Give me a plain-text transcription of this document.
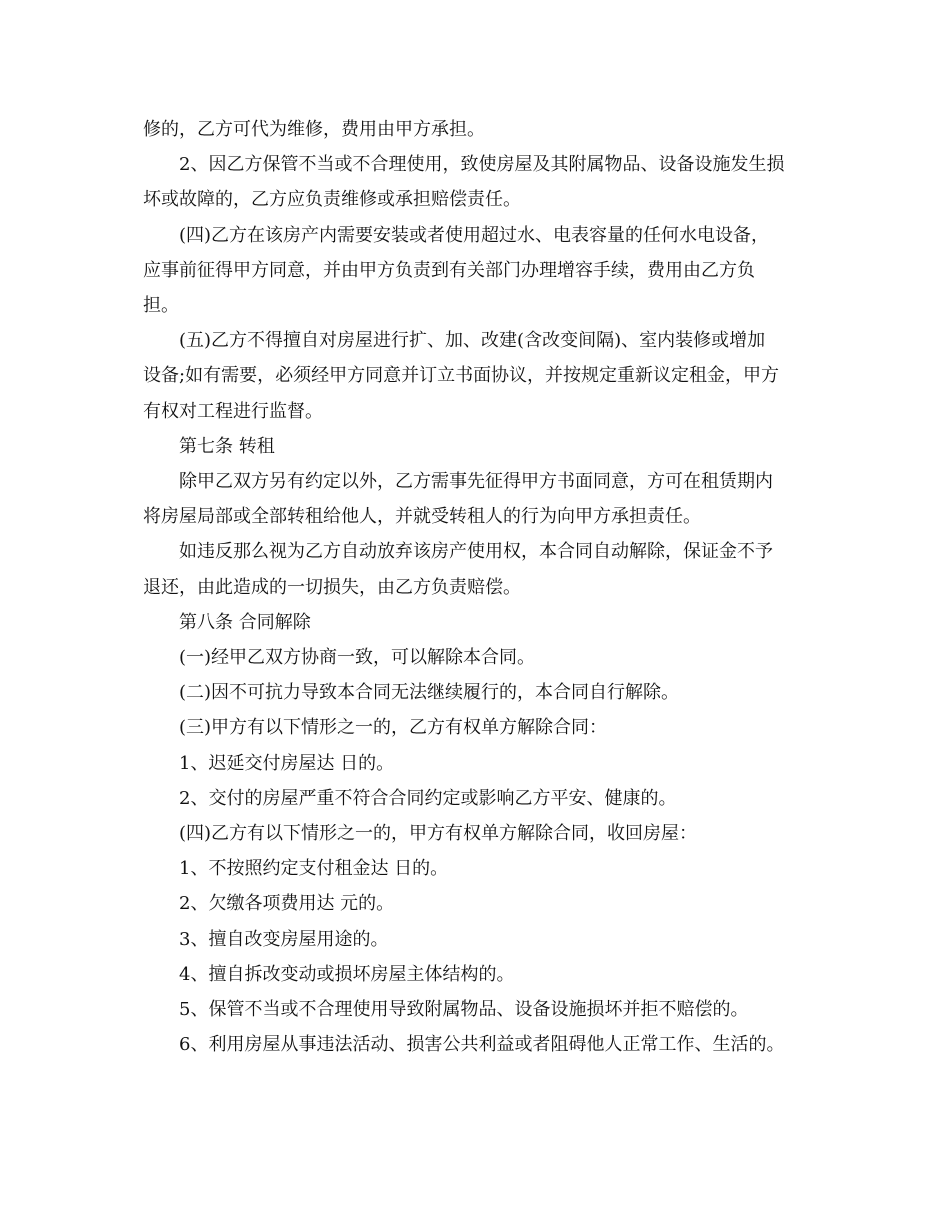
修的，乙方可代为维修，费用由甲方承担。
2、因乙方保管不当或不合理使用，致使房屋及其附属物品、设备设施发生损
坏或故障的，乙方应负责维修或承担赔偿责任。
(四)乙方在该房产内需要安装或者使用超过水、电表容量的任何水电设备，
应事前征得甲方同意，并由甲方负责到有关部门办理增容手续，费用由乙方负
担。
(五)乙方不得擅自对房屋进行扩、加、改建(含改变间隔)、室内装修或增加
设备;如有需要，必须经甲方同意并订立书面协议，并按规定重新议定租金，甲方
有权对工程进行监督。
第七条 转租
除甲乙双方另有约定以外，乙方需事先征得甲方书面同意，方可在租赁期内
将房屋局部或全部转租给他人，并就受转租人的行为向甲方承担责任。
如违反那么视为乙方自动放弃该房产使用权，本合同自动解除，保证金不予
退还，由此造成的一切损失，由乙方负责赔偿。
第八条 合同解除
(一)经甲乙双方协商一致，可以解除本合同。
(二)因不可抗力导致本合同无法继续履行的，本合同自行解除。
(三)甲方有以下情形之一的，乙方有权单方解除合同：
1、迟延交付房屋达 日的。
2、交付的房屋严重不符合合同约定或影响乙方平安、健康的。
(四)乙方有以下情形之一的，甲方有权单方解除合同，收回房屋：
1、不按照约定支付租金达 日的。
2、欠缴各项费用达 元的。
3、擅自改变房屋用途的。
4、擅自拆改变动或损坏房屋主体结构的。
5、保管不当或不合理使用导致附属物品、设备设施损坏并拒不赔偿的。
6、利用房屋从事违法活动、损害公共利益或者阻碍他人正常工作、生活的。
